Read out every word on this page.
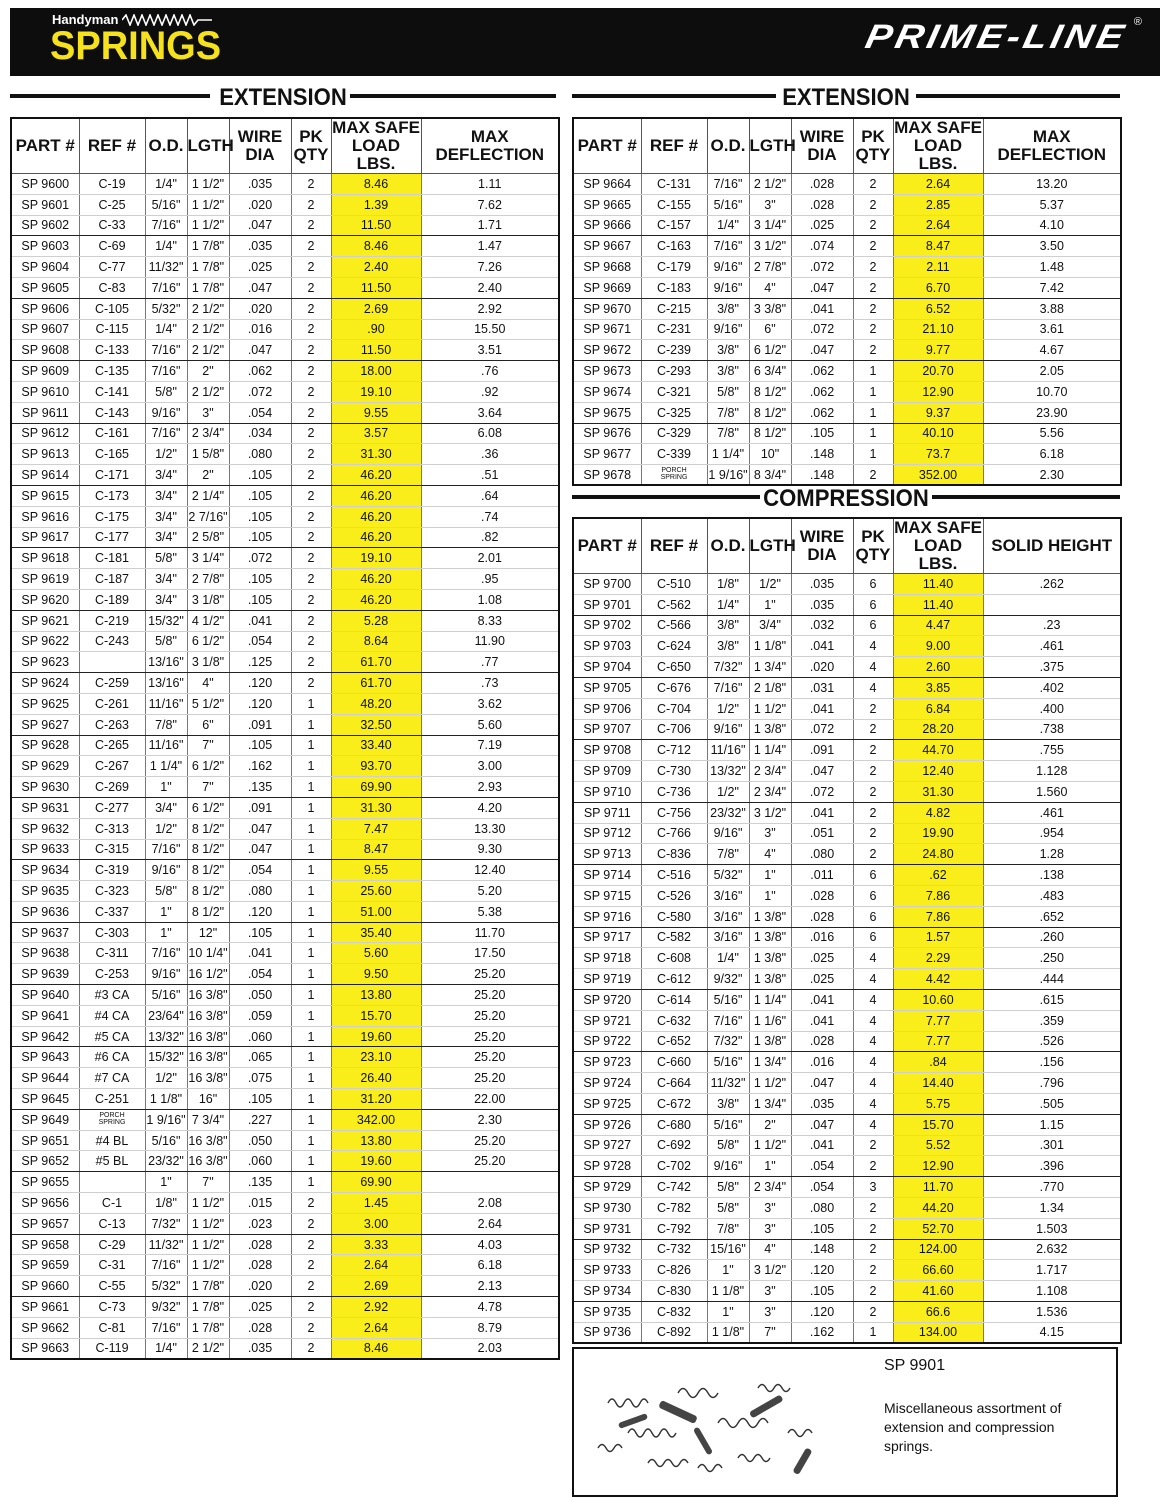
Handyman
SPRINGS	PRIME-LINE ®
EXTENSION
PART #	REF #	O.D.	LGTH	WIRE DIA	PK QTY	MAX SAFE LOAD LBS.	MAX DEFLECTION
SP 9600	C-19	1/4"	1 1/2"	.035	2	8.46	1.11
SP 9601	C-25	5/16"	1 1/2"	.020	2	1.39	7.62
SP 9602	C-33	7/16"	1 1/2"	.047	2	11.50	1.71
SP 9603	C-69	1/4"	1 7/8"	.035	2	8.46	1.47
SP 9604	C-77	11/32"	1 7/8"	.025	2	2.40	7.26
SP 9605	C-83	7/16"	1 7/8"	.047	2	11.50	2.40
SP 9606	C-105	5/32"	2 1/2"	.020	2	2.69	2.92
SP 9607	C-115	1/4"	2 1/2"	.016	2	.90	15.50
SP 9608	C-133	7/16"	2 1/2"	.047	2	11.50	3.51
SP 9609	C-135	7/16"	2"	.062	2	18.00	.76
SP 9610	C-141	5/8"	2 1/2"	.072	2	19.10	.92
SP 9611	C-143	9/16"	3"	.054	2	9.55	3.64
SP 9612	C-161	7/16"	2 3/4"	.034	2	3.57	6.08
SP 9613	C-165	1/2"	1 5/8"	.080	2	31.30	.36
SP 9614	C-171	3/4"	2"	.105	2	46.20	.51
SP 9615	C-173	3/4"	2 1/4"	.105	2	46.20	.64
SP 9616	C-175	3/4"	2 7/16"	.105	2	46.20	.74
SP 9617	C-177	3/4"	2 5/8"	.105	2	46.20	.82
SP 9618	C-181	5/8"	3 1/4"	.072	2	19.10	2.01
SP 9619	C-187	3/4"	2 7/8"	.105	2	46.20	.95
SP 9620	C-189	3/4"	3 1/8"	.105	2	46.20	1.08
SP 9621	C-219	15/32"	4 1/2"	.041	2	5.28	8.33
SP 9622	C-243	5/8"	6 1/2"	.054	2	8.64	11.90
SP 9623		13/16"	3 1/8"	.125	2	61.70	.77
SP 9624	C-259	13/16"	4"	.120	2	61.70	.73
SP 9625	C-261	11/16"	5 1/2"	.120	1	48.20	3.62
SP 9627	C-263	7/8"	6"	.091	1	32.50	5.60
SP 9628	C-265	11/16"	7"	.105	1	33.40	7.19
SP 9629	C-267	1 1/4"	6 1/2"	.162	1	93.70	3.00
SP 9630	C-269	1"	7"	.135	1	69.90	2.93
SP 9631	C-277	3/4"	6 1/2"	.091	1	31.30	4.20
SP 9632	C-313	1/2"	8 1/2"	.047	1	7.47	13.30
SP 9633	C-315	7/16"	8 1/2"	.047	1	8.47	9.30
SP 9634	C-319	9/16"	8 1/2"	.054	1	9.55	12.40
SP 9635	C-323	5/8"	8 1/2"	.080	1	25.60	5.20
SP 9636	C-337	1"	8 1/2"	.120	1	51.00	5.38
SP 9637	C-303	1"	12"	.105	1	35.40	11.70
SP 9638	C-311	7/16"	10 1/4"	.041	1	5.60	17.50
SP 9639	C-253	9/16"	16 1/2"	.054	1	9.50	25.20
SP 9640	#3 CA	5/16"	16 3/8"	.050	1	13.80	25.20
SP 9641	#4 CA	23/64"	16 3/8"	.059	1	15.70	25.20
SP 9642	#5 CA	13/32"	16 3/8"	.060	1	19.60	25.20
SP 9643	#6 CA	15/32"	16 3/8"	.065	1	23.10	25.20
SP 9644	#7 CA	1/2"	16 3/8"	.075	1	26.40	25.20
SP 9645	C-251	1 1/8"	16"	.105	1	31.20	22.00
SP 9649	PORCH SPRING	1 9/16"	7 3/4"	.227	1	342.00	2.30
SP 9651	#4 BL	5/16"	16 3/8"	.050	1	13.80	25.20
SP 9652	#5 BL	23/32"	16 3/8"	.060	1	19.60	25.20
SP 9655		1"	7"	.135	1	69.90	
SP 9656	C-1	1/8"	1 1/2"	.015	2	1.45	2.08
SP 9657	C-13	7/32"	1 1/2"	.023	2	3.00	2.64
SP 9658	C-29	11/32"	1 1/2"	.028	2	3.33	4.03
SP 9659	C-31	7/16"	1 1/2"	.028	2	2.64	6.18
SP 9660	C-55	5/32"	1 7/8"	.020	2	2.69	2.13
SP 9661	C-73	9/32"	1 7/8"	.025	2	2.92	4.78
SP 9662	C-81	7/16"	1 7/8"	.028	2	2.64	8.79
SP 9663	C-119	1/4"	2 1/2"	.035	2	8.46	2.03
EXTENSION
PART #	REF #	O.D.	LGTH	WIRE DIA	PK QTY	MAX SAFE LOAD LBS.	MAX DEFLECTION
SP 9664	C-131	7/16"	2 1/2"	.028	2	2.64	13.20
SP 9665	C-155	5/16"	3"	.028	2	2.85	5.37
SP 9666	C-157	1/4"	3 1/4"	.025	2	2.64	4.10
SP 9667	C-163	7/16"	3 1/2"	.074	2	8.47	3.50
SP 9668	C-179	9/16"	2 7/8"	.072	2	2.11	1.48
SP 9669	C-183	9/16"	4"	.047	2	6.70	7.42
SP 9670	C-215	3/8"	3 3/8"	.041	2	6.52	3.88
SP 9671	C-231	9/16"	6"	.072	2	21.10	3.61
SP 9672	C-239	3/8"	6 1/2"	.047	2	9.77	4.67
SP 9673	C-293	3/8"	6 3/4"	.062	1	20.70	2.05
SP 9674	C-321	5/8"	8 1/2"	.062	1	12.90	10.70
SP 9675	C-325	7/8"	8 1/2"	.062	1	9.37	23.90
SP 9676	C-329	7/8"	8 1/2"	.105	1	40.10	5.56
SP 9677	C-339	1 1/4"	10"	.148	1	73.7	6.18
SP 9678	PORCH SPRING	1 9/16"	8 3/4"	.148	2	352.00	2.30
COMPRESSION
PART #	REF #	O.D.	LGTH	WIRE DIA	PK QTY	MAX SAFE LOAD LBS.	SOLID HEIGHT
SP 9700	C-510	1/8"	1/2"	.035	6	11.40	.262
SP 9701	C-562	1/4"	1"	.035	6	11.40	
SP 9702	C-566	3/8"	3/4"	.032	6	4.47	.23
SP 9703	C-624	3/8"	1 1/8"	.041	4	9.00	.461
SP 9704	C-650	7/32"	1 3/4"	.020	4	2.60	.375
SP 9705	C-676	7/16"	2 1/8"	.031	4	3.85	.402
SP 9706	C-704	1/2"	1 1/2"	.041	2	6.84	.400
SP 9707	C-706	9/16"	1 3/8"	.072	2	28.20	.738
SP 9708	C-712	11/16"	1 1/4"	.091	2	44.70	.755
SP 9709	C-730	13/32"	2 3/4"	.047	2	12.40	1.128
SP 9710	C-736	1/2"	2 3/4"	.072	2	31.30	1.560
SP 9711	C-756	23/32"	3 1/2"	.041	2	4.82	.461
SP 9712	C-766	9/16"	3"	.051	2	19.90	.954
SP 9713	C-836	7/8"	4"	.080	2	24.80	1.28
SP 9714	C-516	5/32"	1"	.011	6	.62	.138
SP 9715	C-526	3/16"	1"	.028	6	7.86	.483
SP 9716	C-580	3/16"	1 3/8"	.028	6	7.86	.652
SP 9717	C-582	3/16"	1 3/8"	.016	6	1.57	.260
SP 9718	C-608	1/4"	1 3/8"	.025	4	2.29	.250
SP 9719	C-612	9/32"	1 3/8"	.025	4	4.42	.444
SP 9720	C-614	5/16"	1 1/4"	.041	4	10.60	.615
SP 9721	C-632	7/16"	1 1/6"	.041	4	7.77	.359
SP 9722	C-652	7/32"	1 3/8"	.028	4	7.77	.526
SP 9723	C-660	5/16"	1 3/4"	.016	4	.84	.156
SP 9724	C-664	11/32"	1 1/2"	.047	4	14.40	.796
SP 9725	C-672	3/8"	1 3/4"	.035	4	5.75	.505
SP 9726	C-680	5/16"	2"	.047	4	15.70	1.15
SP 9727	C-692	5/8"	1 1/2"	.041	2	5.52	.301
SP 9728	C-702	9/16"	1"	.054	2	12.90	.396
SP 9729	C-742	5/8"	2 3/4"	.054	3	11.70	.770
SP 9730	C-782	5/8"	3"	.080	2	44.20	1.34
SP 9731	C-792	7/8"	3"	.105	2	52.70	1.503
SP 9732	C-732	15/16"	4"	.148	2	124.00	2.632
SP 9733	C-826	1"	3 1/2"	.120	2	66.60	1.717
SP 9734	C-830	1 1/8"	3"	.105	2	41.60	1.108
SP 9735	C-832	1"	3"	.120	2	66.6	1.536
SP 9736	C-892	1 1/8"	7"	.162	1	134.00	4.15
SP 9901
Miscellaneous assortment of extension and compression springs.
